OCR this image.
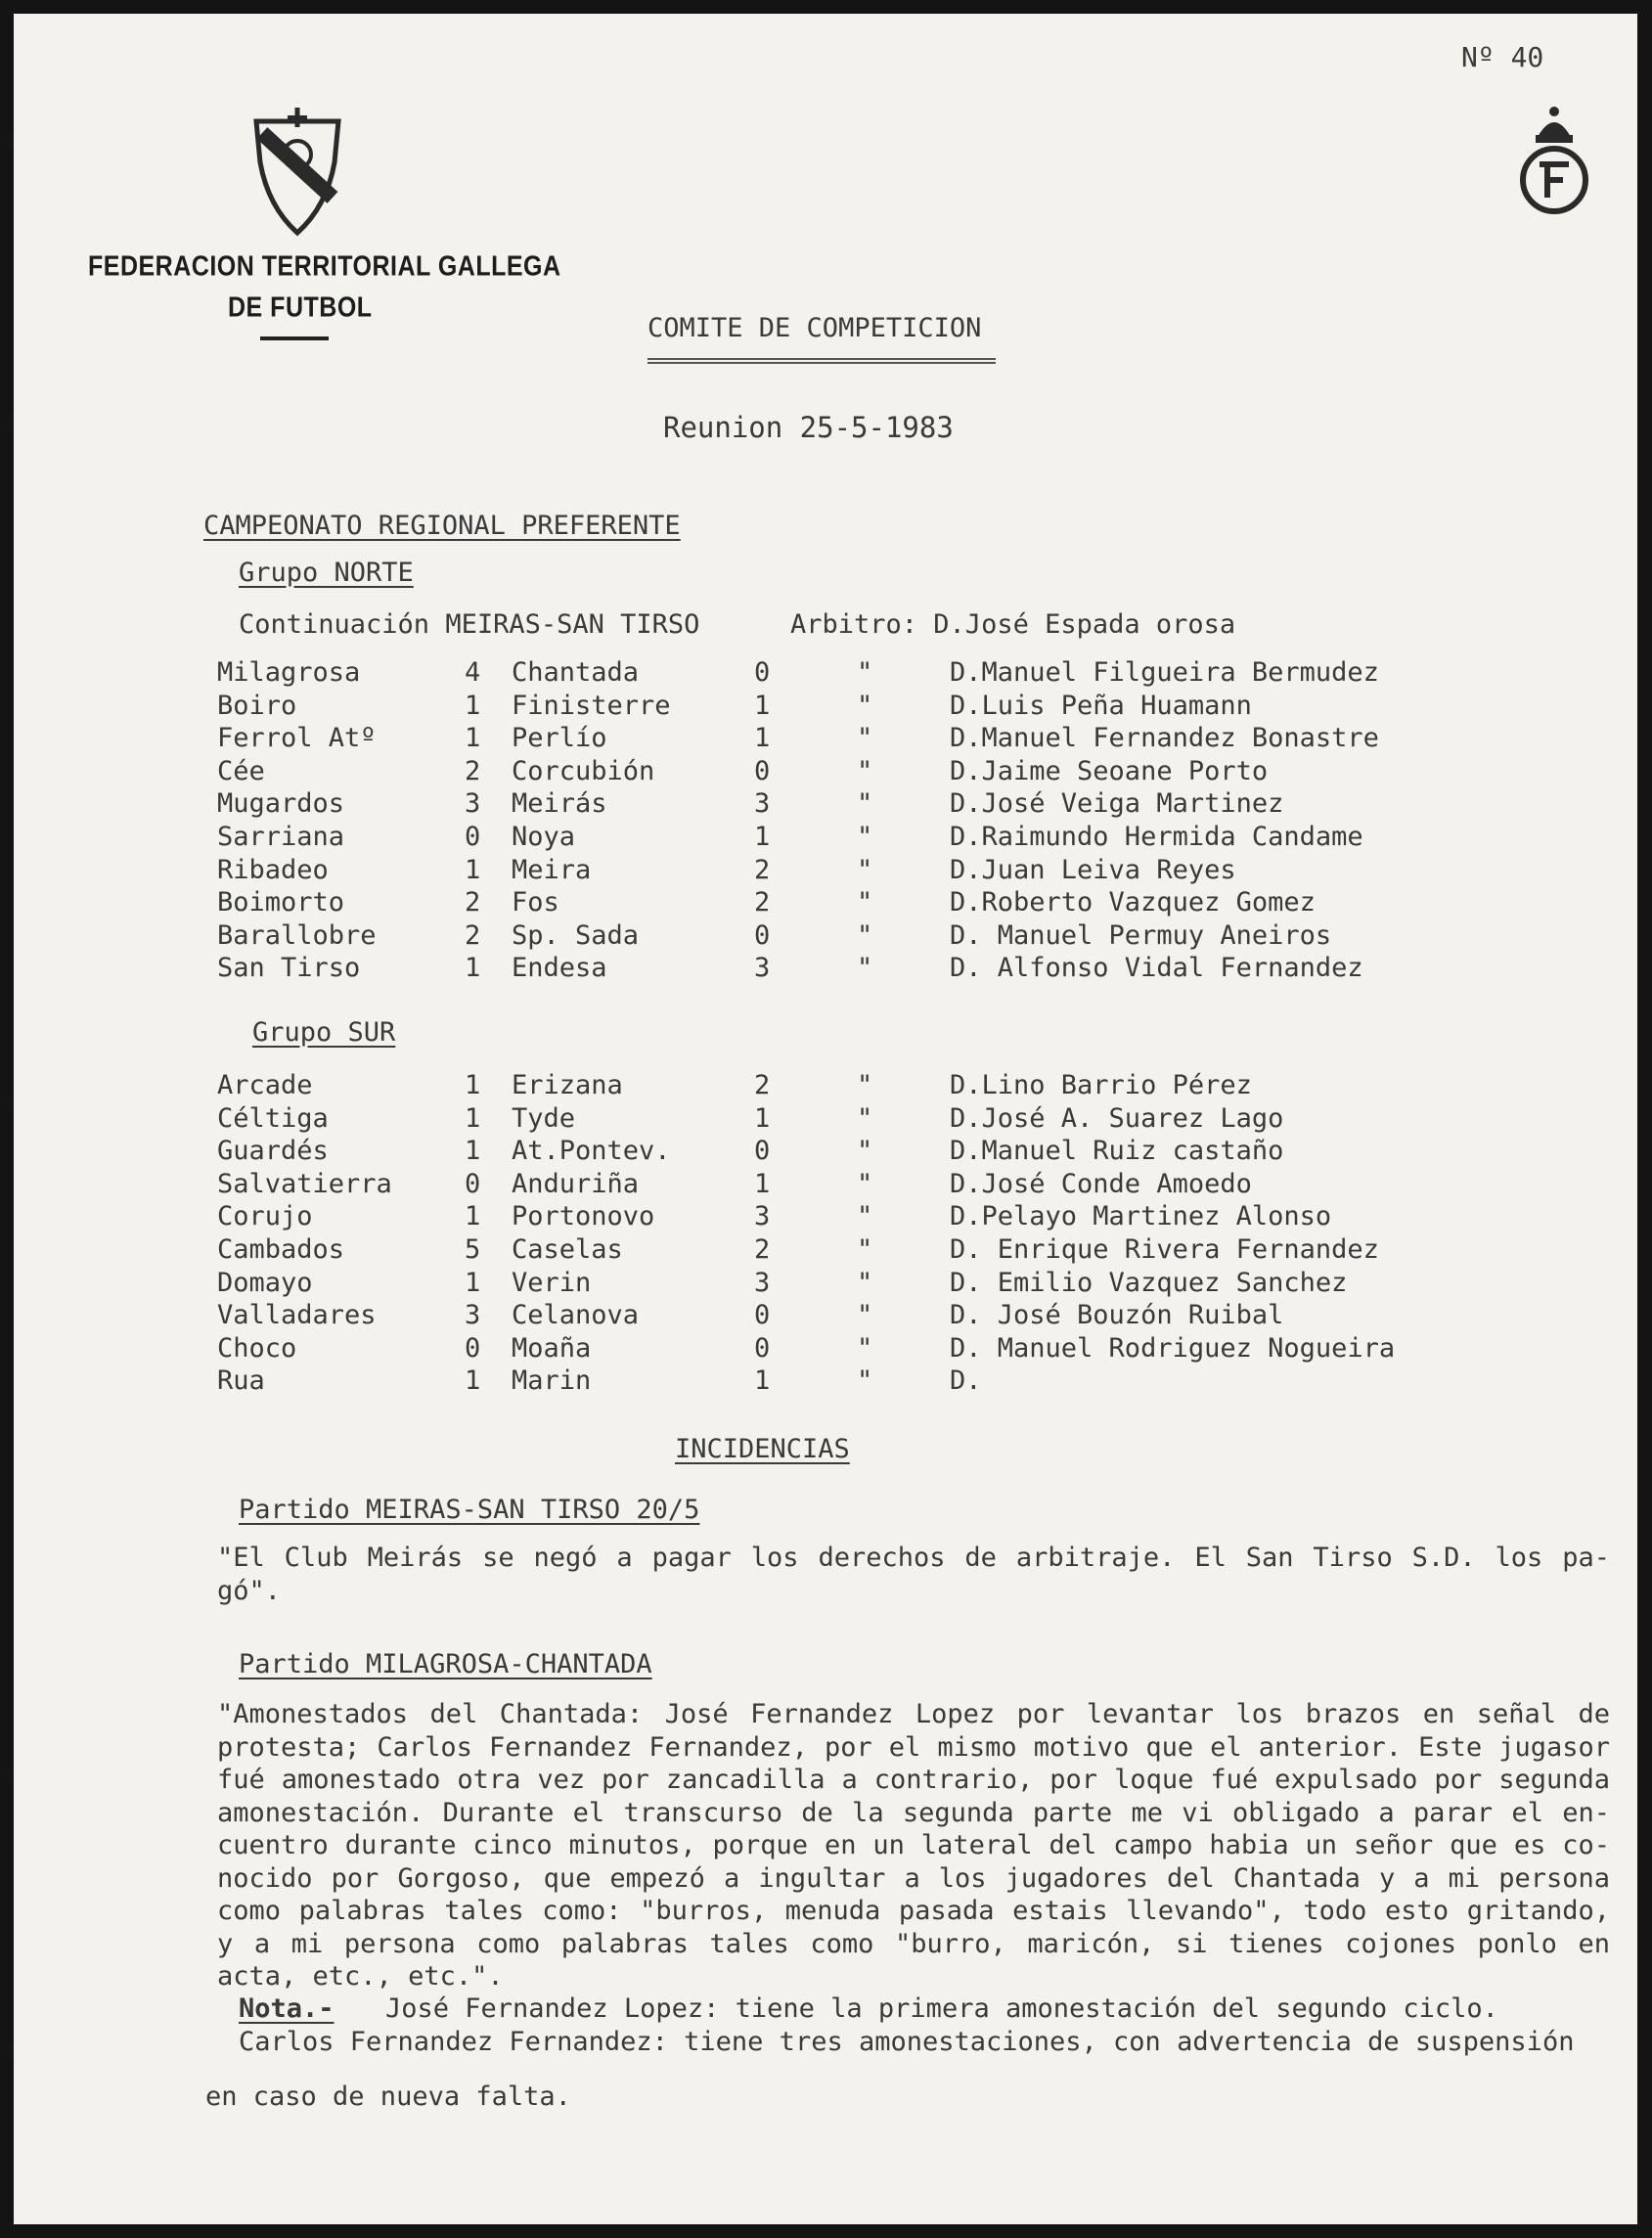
FEDERACION TERRITORIAL GALLEGA
DE FUTBOL
Nº 40
COMITE DE COMPETICION
Reunion 25-5-1983
CAMPEONATO REGIONAL PREFERENTE
Grupo NORTE
Continuación MEIRAS-SAN TIRSO	Arbitro: D.José Espada orosa
Milagrosa	4 Chantada	0	"	D.Manuel Filgueira Bermudez
Boiro	1 Finisterre	1	"	D.Luis Peña Huamann
Ferrol Atº	1 Perlío	1	"	D.Manuel Fernandez Bonastre
Cée	2 Corcubión	0	"	D.Jaime Seoane Porto
Mugardos	3 Meirás	3	"	D.José Veiga Martinez
Sarriana	0 Noya	1	"	D.Raimundo Hermida Candame
Ribadeo	1 Meira	2	"	D.Juan Leiva Reyes
Boimorto	2 Fos	2	"	D.Roberto Vazquez Gomez
Barallobre	2 Sp. Sada	0	"	D. Manuel Permuy Aneiros
San Tirso	1 Endesa	3	"	D. Alfonso Vidal Fernandez
Grupo SUR
Arcade	1 Erizana	2	"	D.Lino Barrio Pérez
Céltiga	1 Tyde	1	"	D.José A. Suarez Lago
Guardés	1 At.Pontev.	0	"	D.Manuel Ruiz castaño
Salvatierra	0 Anduriña	1	"	D.José Conde Amoedo
Corujo	1 Portonovo	3	"	D.Pelayo Martinez Alonso
Cambados	5 Caselas	2	"	D. Enrique Rivera Fernandez
Domayo	1 Verin	3	"	D. Emilio Vazquez Sanchez
Valladares	3 Celanova	0	"	D. José Bouzón Ruibal
Choco	0 Moaña	0	"	D. Manuel Rodriguez Nogueira
Rua	1 Marin	1	"	D.
INCIDENCIAS
Partido MEIRAS-SAN TIRSO 20/5
"El Club Meirás se negó a pagar los derechos de arbitraje. El San Tirso S.D. los pa-gó".
Partido MILAGROSA-CHANTADA
"Amonestados del Chantada: José Fernandez Lopez por levantar los brazos en señal de protesta; Carlos Fernandez Fernandez, por el mismo motivo que el anterior. Este jugasor fué amonestado otra vez por zancadilla a contrario, por loque fué expulsado por segunda amonestación. Durante el transcurso de la segunda parte me vi obligado a parar el en-cuentro durante cinco minutos, porque en un lateral del campo habia un señor que es co-nocido por Gorgoso, que empezó a ingultar a los jugadores del Chantada y a mi persona como palabras tales como: "burros, menuda pasada estais llevando", todo esto gritando, y a mi persona como palabras tales como "burro, maricón, si tienes cojones ponlo en acta, etc., etc.".
Nota.- José Fernandez Lopez: tiene la primera amonestación del segundo ciclo.
Carlos Fernandez Fernandez: tiene tres amonestaciones, con advertencia de suspensión
en caso de nueva falta.
